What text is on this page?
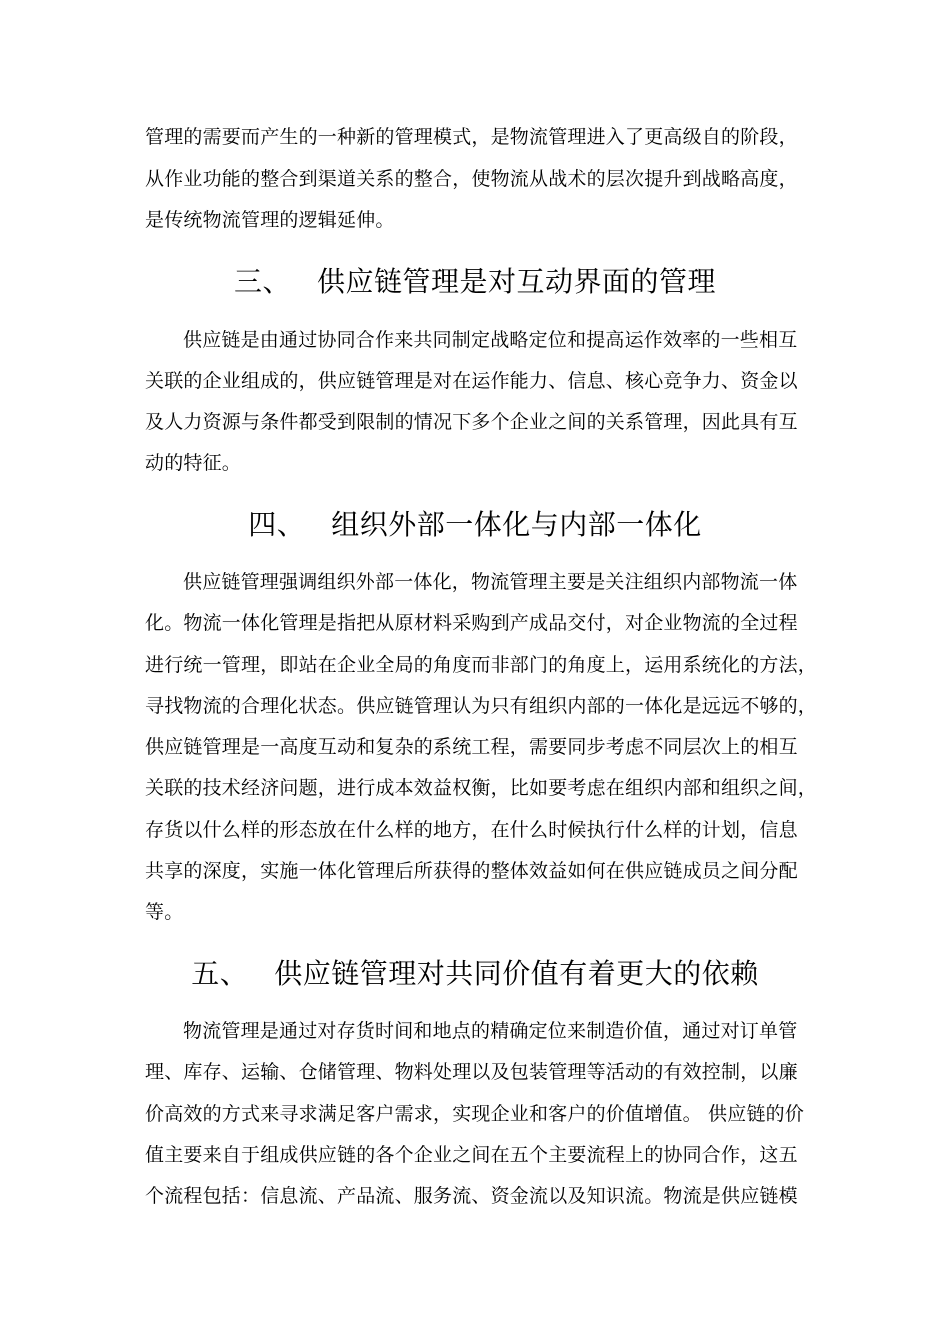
管理的需要而产生的一种新的管理模式，是物流管理进入了更高级自的阶段，
从作业功能的整合到渠道关系的整合，使物流从战术的层次提升到战略高度，
是传统物流管理的逻辑延伸。
三、 供应链管理是对互动界面的管理
供应链是由通过协同合作来共同制定战略定位和提高运作效率的一些相互
关联的企业组成的，供应链管理是对在运作能力、信息、核心竞争力、资金以
及人力资源与条件都受到限制的情况下多个企业之间的关系管理，因此具有互
动的特征。
四、 组织外部一体化与内部一体化
供应链管理强调组织外部一体化，物流管理主要是关注组织内部物流一体
化。物流一体化管理是指把从原材料采购到产成品交付，对企业物流的全过程
进行统一管理，即站在企业全局的角度而非部门的角度上，运用系统化的方法，
寻找物流的合理化状态。供应链管理认为只有组织内部的一体化是远远不够的，
供应链管理是一高度互动和复杂的系统工程，需要同步考虑不同层次上的相互
关联的技术经济问题，进行成本效益权衡，比如要考虑在组织内部和组织之间，
存货以什么样的形态放在什么样的地方，在什么时候执行什么样的计划，信息
共享的深度，实施一体化管理后所获得的整体效益如何在供应链成员之间分配
等。
五、 供应链管理对共同价值有着更大的依赖
物流管理是通过对存货时间和地点的精确定位来制造价值，通过对订单管
理、库存、运输、仓储管理、物料处理以及包装管理等活动的有效控制，以廉
价高效的方式来寻求满足客户需求，实现企业和客户的价值增值。 供应链的价
值主要来自于组成供应链的各个企业之间在五个主要流程上的协同合作，这五
个流程包括：信息流、产品流、服务流、资金流以及知识流。物流是供应链模
